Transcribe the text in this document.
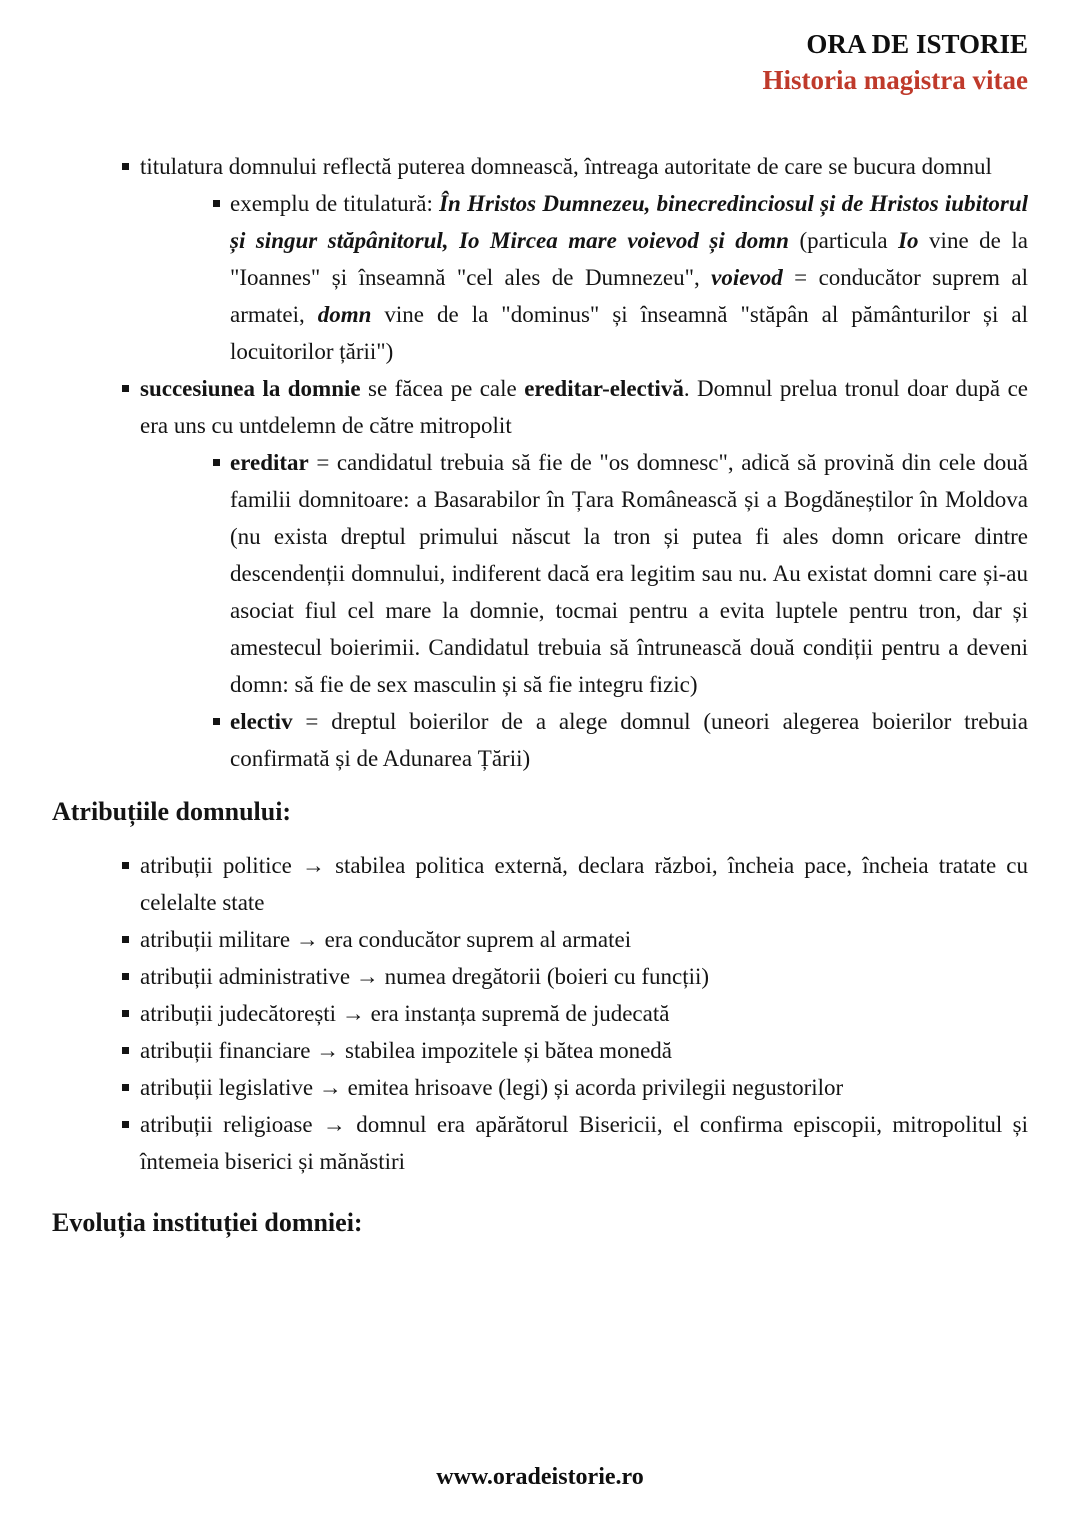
ORA DE ISTORIE
Historia magistra vitae
titulatura domnului reflectă puterea domnească, întreaga autoritate de care se bucura domnul
exemplu de titulatură: În Hristos Dumnezeu, binecredinciosul și de Hristos iubitorul și singur stăpânitorul, Io Mircea mare voievod și domn (particula Io vine de la "Ioannes" și înseamnă "cel ales de Dumnezeu", voievod = conducător suprem al armatei, domn vine de la "dominus" și înseamnă "stăpân al pământurilor și al locuitorilor țării")
succesiunea la domnie se făcea pe cale ereditar-electivă. Domnul prelua tronul doar după ce era uns cu untdelemn de către mitropolit
ereditar = candidatul trebuia să fie de "os domnesc", adică să provină din cele două familii domnitoare: a Basarabilor în Țara Românească și a Bogdăneștilor în Moldova (nu exista dreptul primului născut la tron și putea fi ales domn oricare dintre descendenții domnului, indiferent dacă era legitim sau nu. Au existat domni care și-au asociat fiul cel mare la domnie, tocmai pentru a evita luptele pentru tron, dar și amestecul boierimii. Candidatul trebuia să întrunească două condiții pentru a deveni domn: să fie de sex masculin și să fie integru fizic)
electiv = dreptul boierilor de a alege domnul (uneori alegerea boierilor trebuia confirmată și de Adunarea Țării)
Atribuțiile domnului:
atribuții politice → stabilea politica externă, declara război, încheia pace, încheia tratate cu celelalte state
atribuții militare → era conducător suprem al armatei
atribuții administrative → numea dregătorii (boieri cu funcții)
atribuții judecătorești → era instanța supremă de judecată
atribuții financiare → stabilea impozitele și bătea monedă
atribuții legislative → emitea hrisoave (legi) și acorda privilegii negustorilor
atribuții religioase → domnul era apărătorul Bisericii, el confirma episcopii, mitropolitul și întemeia biserici și mănăstiri
Evoluția instituției domniei:
www.oradeistorie.ro
